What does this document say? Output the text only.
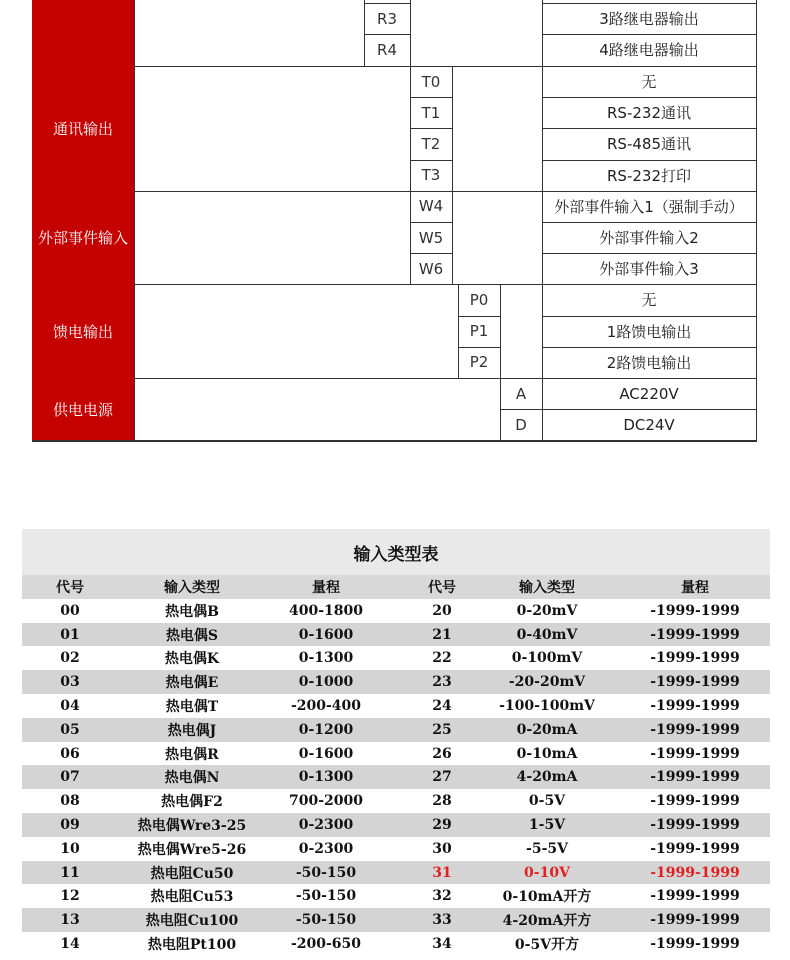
R3	3路继电器输出
R4	4路继电器输出
通讯输出
T0	无
T1	RS-232通讯
T2	RS-485通讯
T3	RS-232打印
外部事件输入
W4	外部事件输入1（强制手动）
W5	外部事件输入2
W6	外部事件输入3
馈电输出
P0	无
P1	1路馈电输出
P2	2路馈电输出
供电电源
A	AC220V
D	DC24V
输入类型表
代号	输入类型	量程	代号	输入类型	量程
00	热电偶B	400-1800	20	0-20mV	-1999-1999
01	热电偶S	0-1600	21	0-40mV	-1999-1999
02	热电偶K	0-1300	22	0-100mV	-1999-1999
03	热电偶E	0-1000	23	-20-20mV	-1999-1999
04	热电偶T	-200-400	24	-100-100mV	-1999-1999
05	热电偶J	0-1200	25	0-20mA	-1999-1999
06	热电偶R	0-1600	26	0-10mA	-1999-1999
07	热电偶N	0-1300	27	4-20mA	-1999-1999
08	热电偶F2	700-2000	28	0-5V	-1999-1999
09	热电偶Wre3-25	0-2300	29	1-5V	-1999-1999
10	热电偶Wre5-26	0-2300	30	-5-5V	-1999-1999
11	热电阻Cu50	-50-150	31	0-10V	-1999-1999
12	热电阻Cu53	-50-150	32	0-10mA开方	-1999-1999
13	热电阻Cu100	-50-150	33	4-20mA开方	-1999-1999
14	热电阻Pt100	-200-650	34	0-5V开方	-1999-1999
